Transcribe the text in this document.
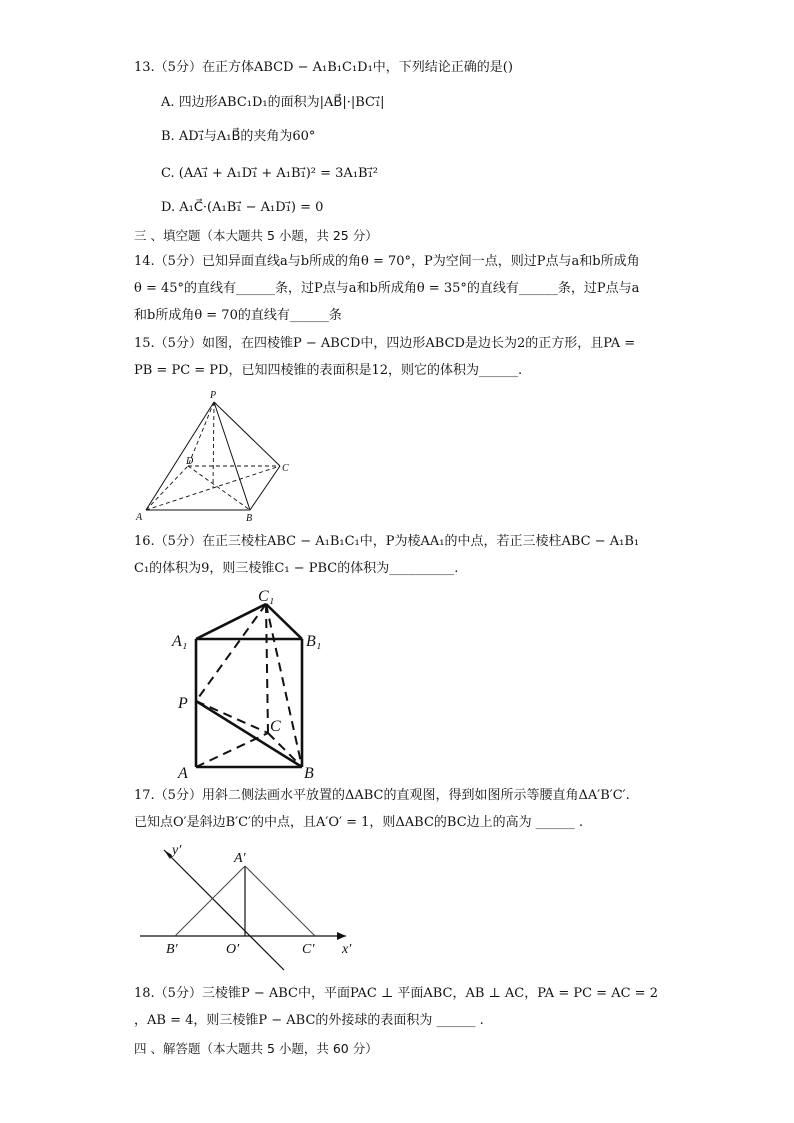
13.（5分）在正方体ABCD − A₁B₁C₁D₁中，下列结论正确的是()
A. 四边形ABC₁D₁的面积为|AB⃗|·|BC₁⃗|
B. AD₁⃗与A₁B⃗的夹角为60°
C. (AA₁⃗ + A₁D₁⃗ + A₁B₁⃗)² = 3A₁B₁⃗²
D. A₁C⃗·(A₁B₁⃗ − A₁D₁⃗) = 0
三 、填空题（本大题共 5 小题，共 25 分）
14.（5分）已知异面直线a与b所成的角θ = 70°，P为空间一点，则过P点与a和b所成角
θ = 45°的直线有______条，过P点与a和b所成角θ = 35°的直线有______条，过P点与a
和b所成角θ = 70的直线有______条
15.（5分）如图，在四棱锥P − ABCD中，四边形ABCD是边长为2的正方形，且PA =
PB = PC = PD，已知四棱锥的表面积是12，则它的体积为______.
P
A	B
C
D
16.（5分）在正三棱柱ABC − A₁B₁C₁中，P为棱AA₁的中点，若正三棱柱ABC − A₁B₁
C₁的体积为9，则三棱锥C₁ − PBC的体积为__________.
C₁
A₁	B₁
P
C
A	B
17.（5分）用斜二侧法画水平放置的ΔABC的直观图，得到如图所示等腰直角ΔA′B′C′.
已知点O′是斜边B′C′的中点，且A′O′ = 1，则ΔABC的BC边上的高为 ______ .
y′
A′
B′	O′	C′ x′
18.（5分）三棱锥P − ABC中，平面PAC ⊥ 平面ABC，AB ⊥ AC，PA = PC = AC = 2
，AB = 4，则三棱锥P − ABC的外接球的表面积为 ______ .
四 、解答题（本大题共 5 小题，共 60 分）
